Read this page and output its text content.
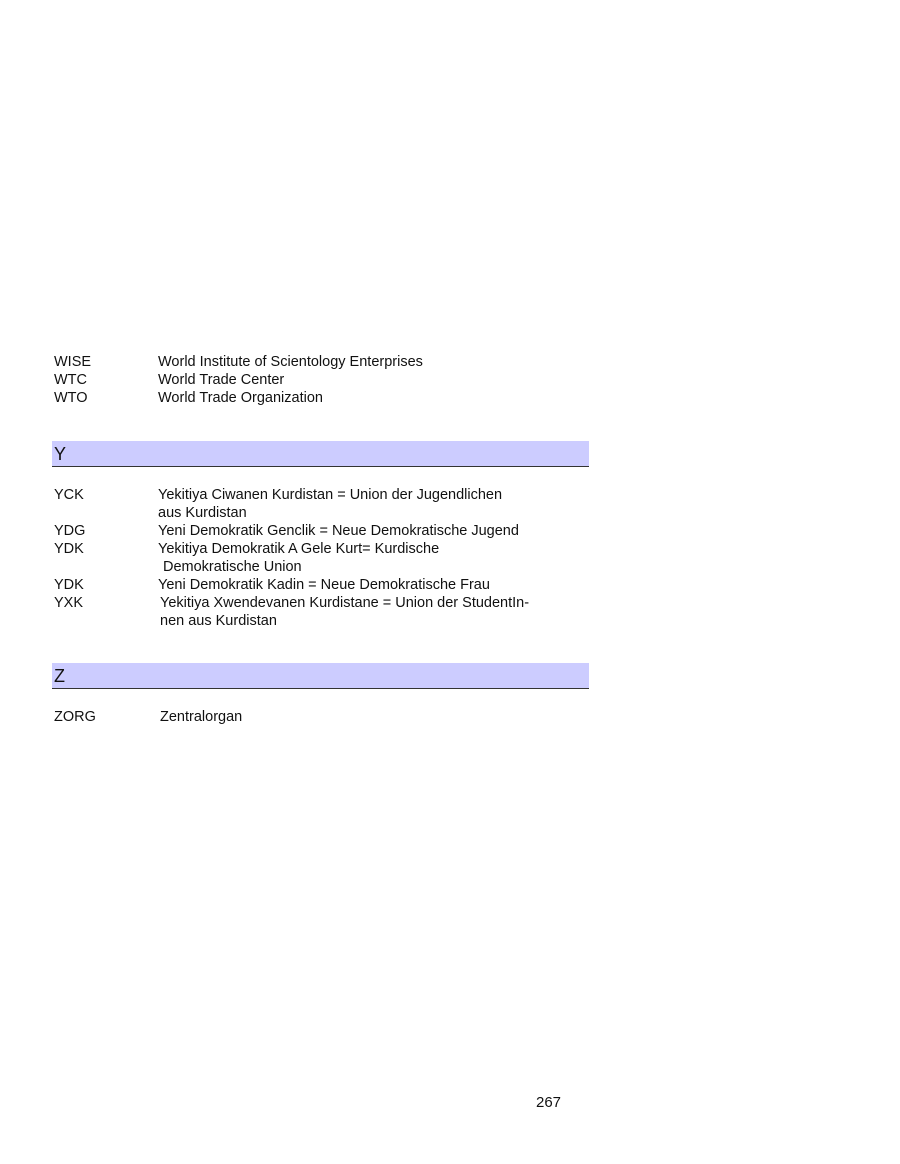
WISE	World Institute of Scientology Enterprises
WTC	World Trade Center
WTO	World Trade Organization
Y
YCK	Yekitiya Ciwanen Kurdistan = Union der Jugendlichen
aus Kurdistan
YDG	Yeni Demokratik Genclik = Neue Demokratische Jugend
YDK	Yekitiya Demokratik A Gele Kurt= Kurdische
Demokratische Union
YDK	Yeni Demokratik Kadin = Neue Demokratische Frau
YXK	Yekitiya Xwendevanen Kurdistane = Union der StudentIn-
nen aus Kurdistan
Z
ZORG	Zentralorgan
267
